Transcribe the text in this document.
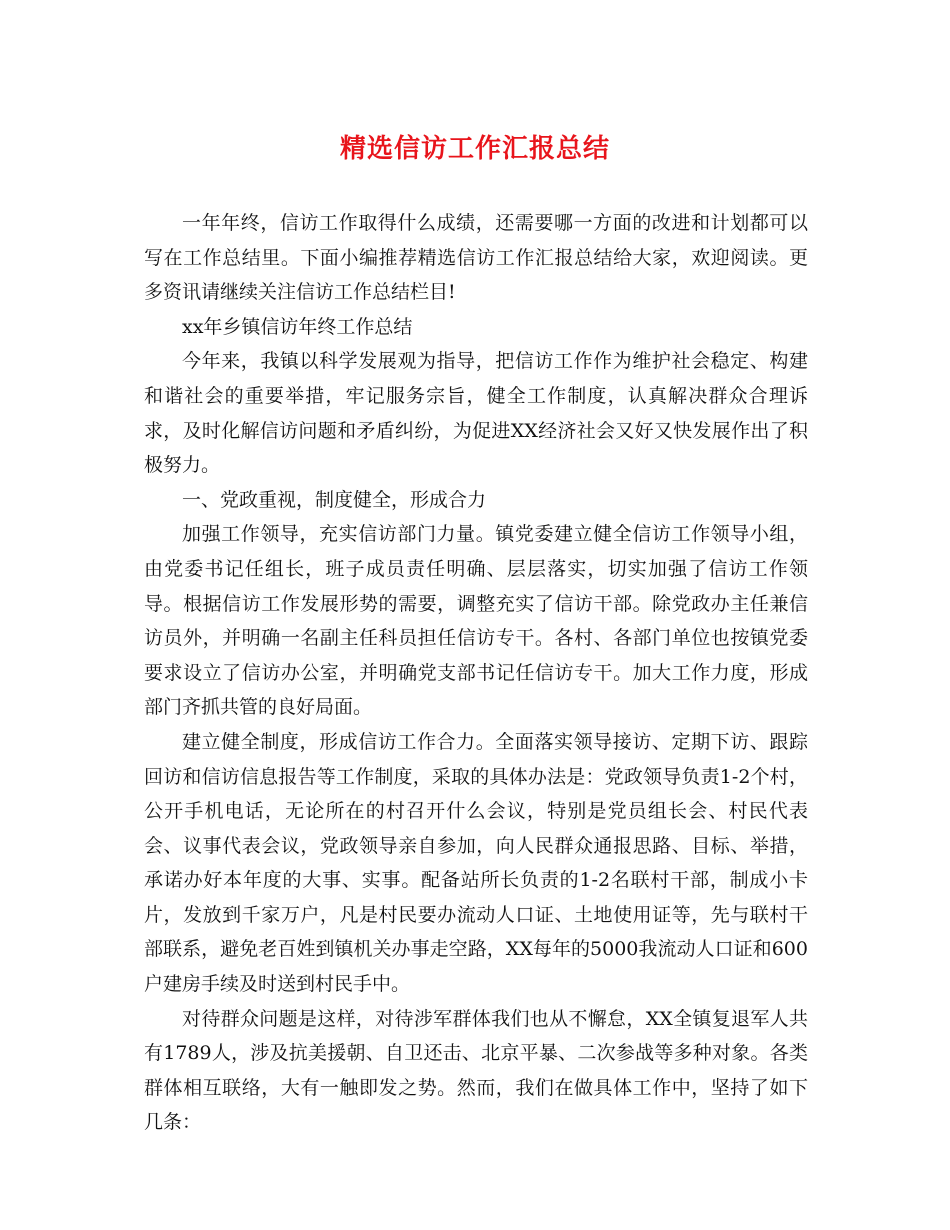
精选信访工作汇报总结

一年年终，信访工作取得什么成绩，还需要哪一方面的改进和计划都可以写在工作总结里。下面小编推荐精选信访工作汇报总结给大家，欢迎阅读。更多资讯请继续关注信访工作总结栏目!

xx年乡镇信访年终工作总结

今年来，我镇以科学发展观为指导，把信访工作作为维护社会稳定、构建和谐社会的重要举措，牢记服务宗旨，健全工作制度，认真解决群众合理诉求，及时化解信访问题和矛盾纠纷，为促进XX经济社会又好又快发展作出了积极努力。

一、党政重视，制度健全，形成合力

加强工作领导，充实信访部门力量。镇党委建立健全信访工作领导小组，由党委书记任组长，班子成员责任明确、层层落实，切实加强了信访工作领导。根据信访工作发展形势的需要，调整充实了信访干部。除党政办主任兼信访员外，并明确一名副主任科员担任信访专干。各村、各部门单位也按镇党委要求设立了信访办公室，并明确党支部书记任信访专干。加大工作力度，形成部门齐抓共管的良好局面。

建立健全制度，形成信访工作合力。全面落实领导接访、定期下访、跟踪回访和信访信息报告等工作制度，采取的具体办法是：党政领导负责1-2个村，公开手机电话，无论所在的村召开什么会议，特别是党员组长会、村民代表会、议事代表会议，党政领导亲自参加，向人民群众通报思路、目标、举措，承诺办好本年度的大事、实事。配备站所长负责的1-2名联村干部，制成小卡片，发放到千家万户，凡是村民要办流动人口证、土地使用证等，先与联村干部联系，避免老百姓到镇机关办事走空路，XX每年的5000我流动人口证和600户建房手续及时送到村民手中。

对待群众问题是这样，对待涉军群体我们也从不懈怠，XX全镇复退军人共有1789人，涉及抗美援朝、自卫还击、北京平暴、二次参战等多种对象。各类群体相互联络，大有一触即发之势。然而，我们在做具体工作中，坚持了如下几条：
